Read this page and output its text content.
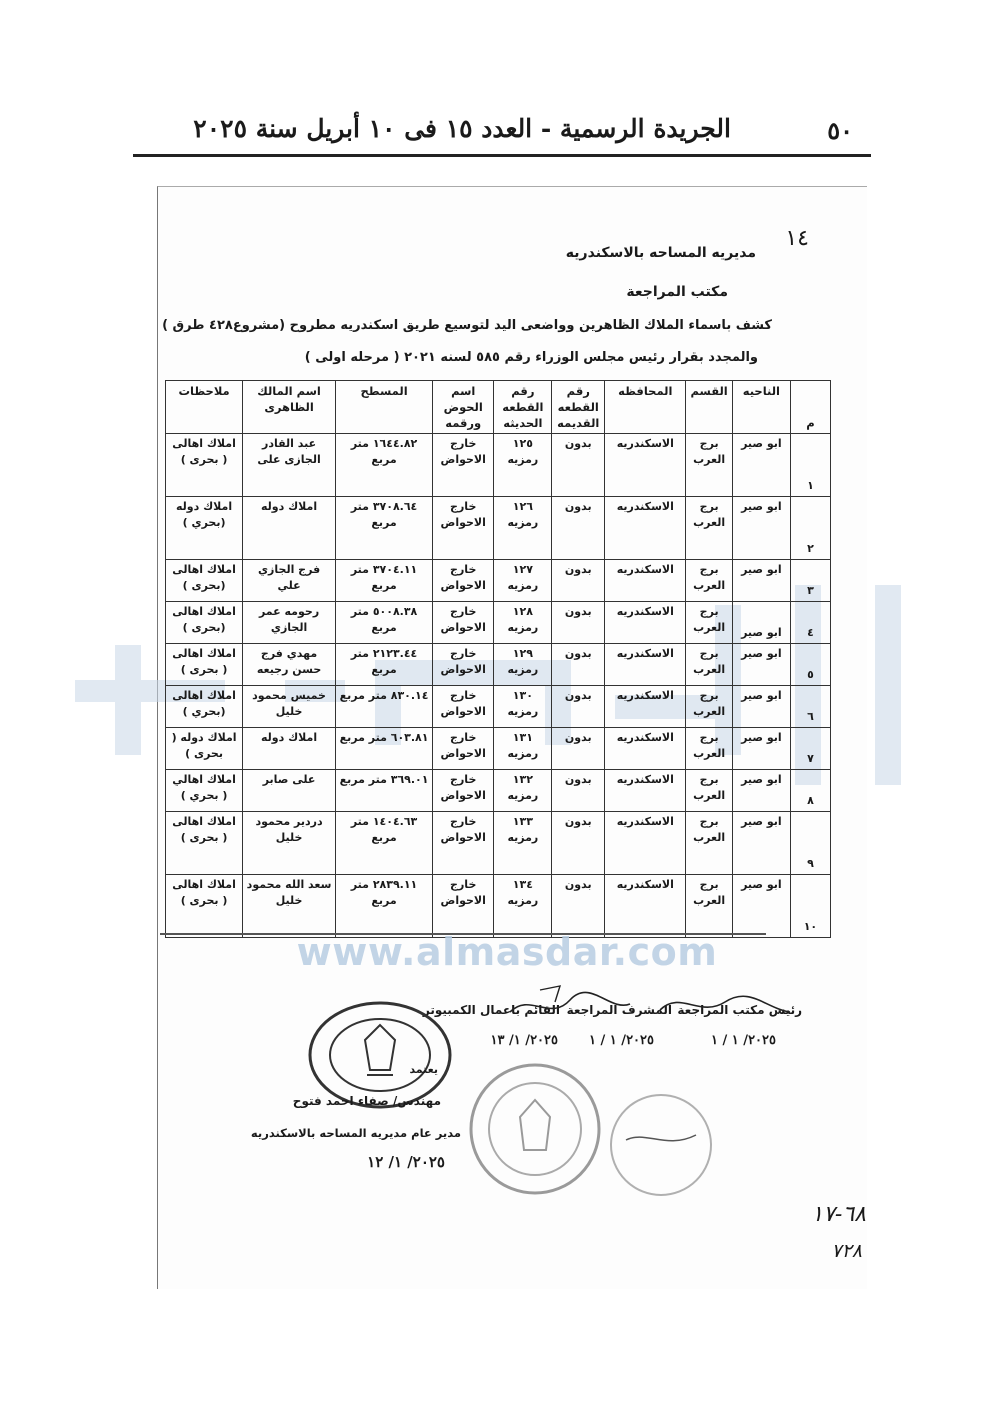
الجريدة الرسمية - العدد ١٥ فى ١٠ أبريل سنة ٢٠٢٥	٥٠
١٤
مديريه المساحه بالاسكندريه
مكتب المراجعة
كشف باسماء الملاك الظاهرين وواضعى اليد لتوسيع طريق اسكندريه مطروح (مشروع٤٢٨ طرق )
والمجدد بقرار رئيس مجلس الوزراء رقم ٥٨٥ لسنه ٢٠٢١ ( مرحله اولى )
م	الناحيه	القسم	المحافظه	رقم القطعه القديمه	رقم القطعه الحديثه	اسم الحوض ورقمه	المسطح	اسم المالك الظاهرى	ملاحظات
١	ابو صير	برج العرب	الاسكندريه	بدون	١٢٥ رمزيه	خارج الاحواض	١٦٤٤.٨٢ متر مربع	عبد القادر الجازى على	املاك اهالى ( بحرى )
٢	ابو صير	برج العرب	الاسكندريه	بدون	١٢٦ رمزيه	خارج الاحواض	٣٧٠٨.٦٤ متر مربع	املاك دوله	املاك دوله (بحري )
٣	ابو صير	برج العرب	الاسكندريه	بدون	١٢٧ رمزيه	خارج الاحواض	٣٧٠٤.١١ متر مربع	فرج الجازي علي	املاك اهالى (بحرى )
٤	ابو صير	برج العرب	الاسكندريه	بدون	١٢٨ رمزيه	خارج الاحواض	٥٠٠٨.٣٨ متر مربع	رحومه عمر الجازي	املاك اهالى (بحرى )
٥	ابو صير	برج العرب	الاسكندريه	بدون	١٢٩ رمزيه	خارج الاحواض	٢١٢٣.٤٤ متر مربع	مهدي فرج حسن رجيعه	املاك اهالى ( بحرى )
٦	ابو صير	برج العرب	الاسكندريه	بدون	١٣٠ رمزيه	خارج الاحواض	٨٣٠.١٤ متر مربع	خميس محمود خليل	املاك اهالى (بحري )
٧	ابو صير	برج العرب	الاسكندريه	بدون	١٣١ رمزيه	خارج الاحواض	٦٠٣.٨١ متر مربع	املاك دوله	املاك دوله ( بحرى )
٨	ابو صير	برج العرب	الاسكندريه	بدون	١٣٢ رمزيه	خارج الاحواض	٣٦٩.٠١ متر مربع	على صابر	املاك اهالي ( بحري )
٩	ابو صير	برج العرب	الاسكندريه	بدون	١٣٣ رمزيه	خارج الاحواض	١٤٠٤.٦٣ متر مربع	دردير محمود خليل	املاك اهالى ( بحرى )
١٠	ابو صير	برج العرب	الاسكندريه	بدون	١٣٤ رمزيه	خارج الاحواض	٢٨٣٩.١١ متر مربع	سعد الله محمود خليل	املاك اهالى ( بحرى )
www.almasdar.com
رئيس مكتب المراجعة
المشرف المراجعة
القائم باعمال الكمبيوتر
٢٠٢٥/ ١ / ١
٢٠٢٥/ ١ / ١
٢٠٢٥/ ١/ ١٣
يعتمد
مهندس/ صفاء احمد فتوح
مدير عام مديريه المساحه بالاسكندريه
٢٠٢٥/ ١/ ١٢
٦٨-١٧
٧٢٨
